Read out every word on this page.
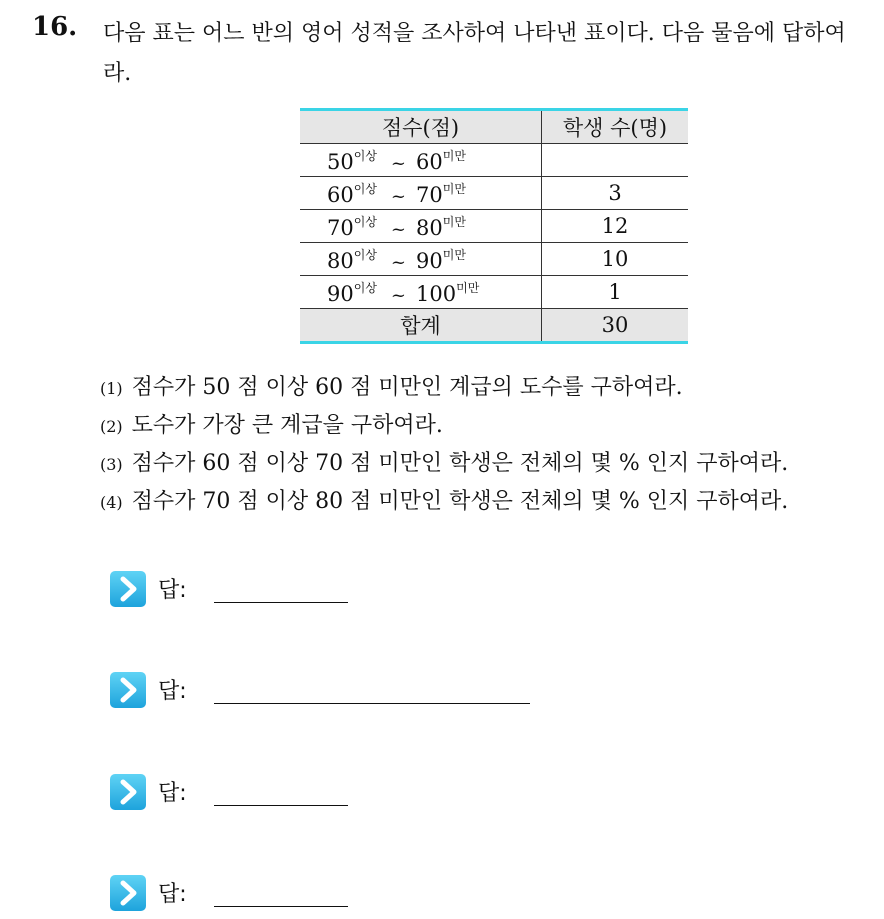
16. 다음 표는 어느 반의 영어 성적을 조사하여 나타낸 표이다. 다음 물음에 답하여라.
점수(점)	학생 수(명)
$50^{이상}$ ~ $60^{미만}$	
$60^{이상}$ ~ $70^{미만}$	3
$70^{이상}$ ~ $80^{미만}$	12
$80^{이상}$ ~ $90^{미만}$	10
$90^{이상}$ ~ $100^{미만}$	1
합계	30
(1) 점수가 50 점 이상 60 점 미만인 계급의 도수를 구하여라.
(2) 도수가 가장 큰 계급을 구하여라.
(3) 점수가 60 점 이상 70 점 미만인 학생은 전체의 몇 % 인지 구하여라.
(4) 점수가 70 점 이상 80 점 미만인 학생은 전체의 몇 % 인지 구하여라.
답:
답:
답:
답:
